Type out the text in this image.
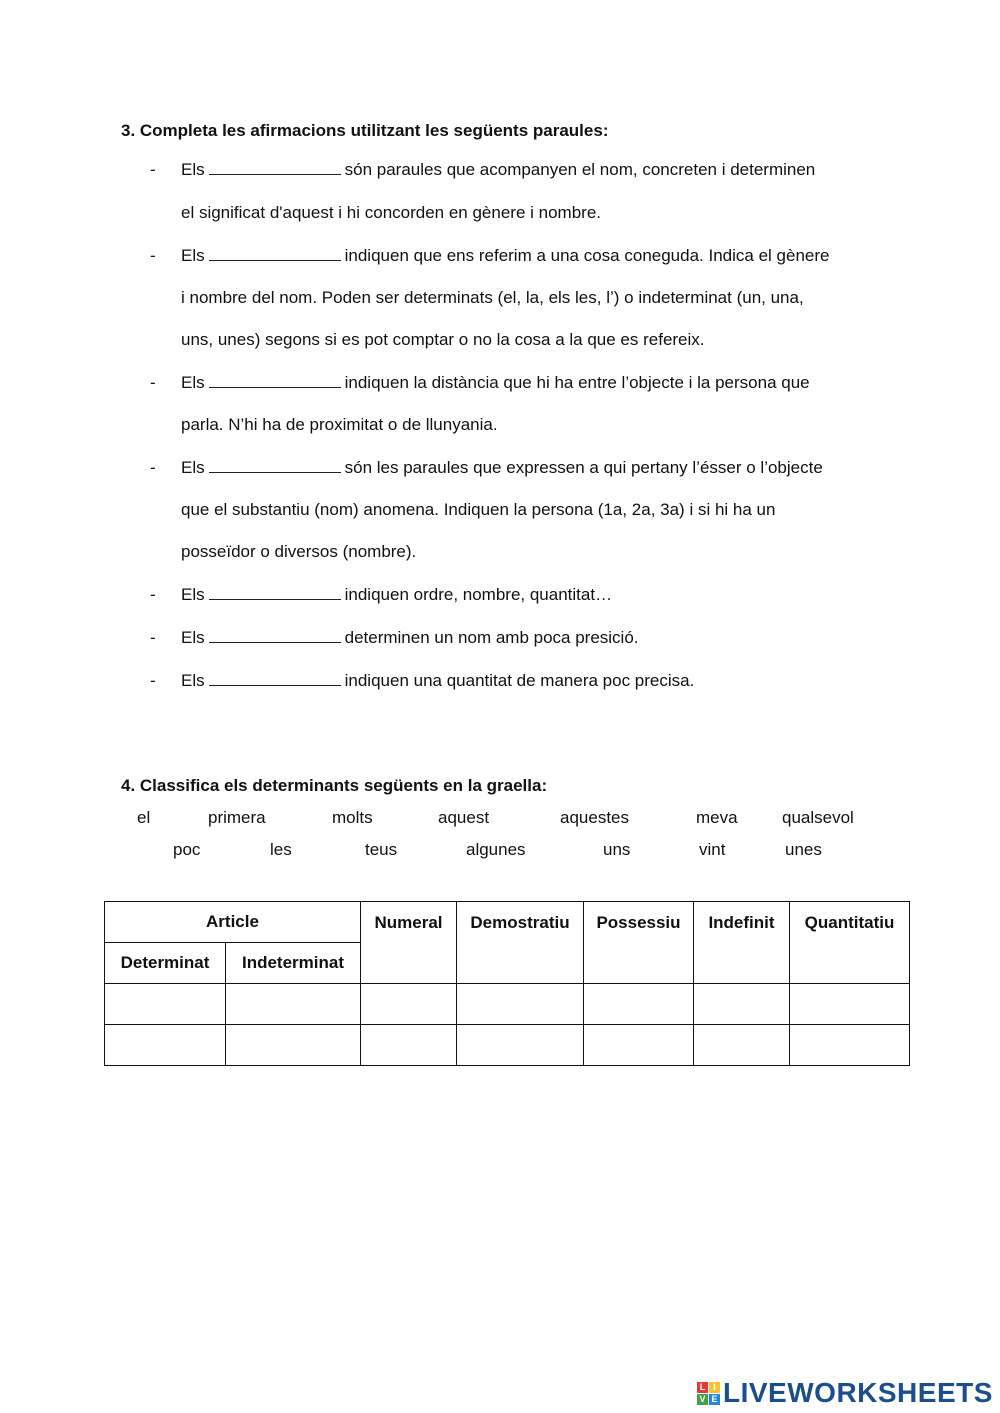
3. Completa les afirmacions utilitzant les següents paraules:
- Els	són paraules que acompanyen el nom, concreten i determinen
el significat d'aquest i hi concorden en gènere i nombre.
- Els	indiquen que ens referim a una cosa coneguda. Indica el gènere
i nombre del nom. Poden ser determinats (el, la, els les, l’) o indeterminat (un, una,
uns, unes) segons si es pot comptar o no la cosa a la que es refereix.
- Els	indiquen la distància que hi ha entre l’objecte i la persona que
parla. N’hi ha de proximitat o de llunyania.
- Els	són les paraules que expressen a qui pertany l’ésser o l’objecte
que el substantiu (nom) anomena. Indiquen la persona (1a, 2a, 3a) i si hi ha un
posseïdor o diversos (nombre).
- Els	indiquen ordre, nombre, quantitat…
- Els	determinen un nom amb poca presició.
- Els	indiquen una quantitat de manera poc precisa.
4. Classifica els determinants següents en la graella:
el	primera	molts	aquest	aquestes	meva	qualsevol
poc	les	teus	algunes	uns	vint	unes
Article		Numeral	Demostratiu	Possessiu	Indefinit	Quantitatiu

Determinat	Indeterminat					

L I
V E LIVEWORKSHEETS
